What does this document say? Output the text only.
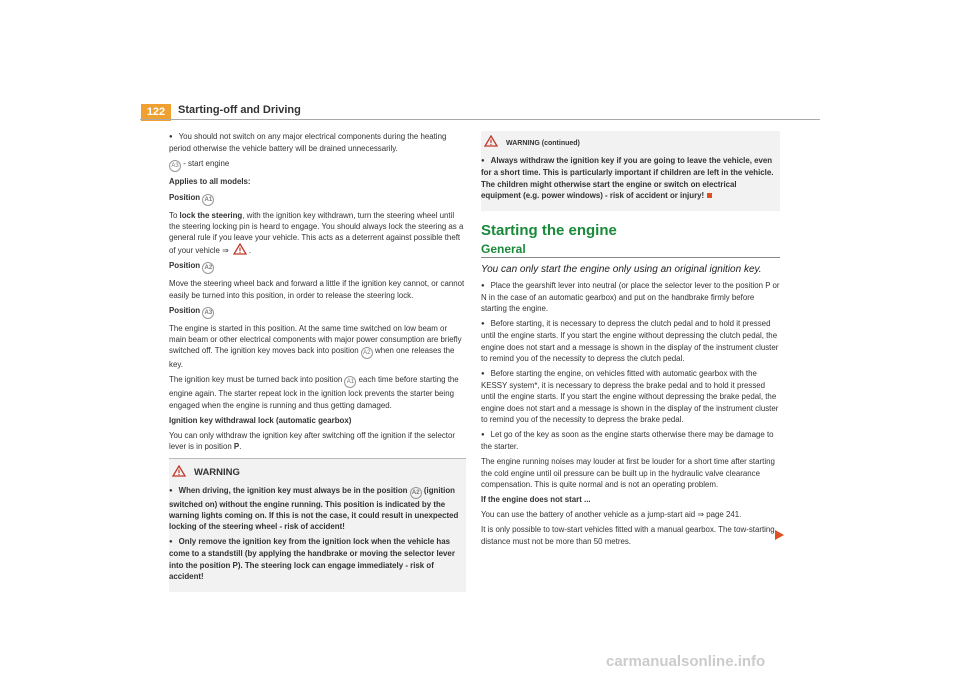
122	Starting-off and Driving

● You should not switch on any major electrical components during the heating period otherwise the vehicle battery will be drained unnecessarily.

A3 - start engine

Applies to all models:

Position A1

To lock the steering, with the ignition key withdrawn, turn the steering wheel until the steering locking pin is heard to engage. You should always lock the steering as a general rule if you leave your vehicle. This acts as a deterrent against possible theft of your vehicle ⇒	.

Position A2

Move the steering wheel back and forward a little if the ignition key cannot, or cannot easily be turned into this position, in order to release the steering lock.

Position A3

The engine is started in this position. At the same time switched on low beam or main beam or other electrical components with major power consumption are briefly switched off. The ignition key moves back into position A2 when one releases the key.

The ignition key must be turned back into position A1 each time before starting the engine again. The starter repeat lock in the ignition lock prevents the starter being engaged when the engine is running and thus getting damaged.

Ignition key withdrawal lock (automatic gearbox)

You can only withdraw the ignition key after switching off the ignition if the selector lever is in position P.

WARNING

● When driving, the ignition key must always be in the position A2 (ignition switched on) without the engine running. This position is indicated by the warning lights coming on. If this is not the case, it could result in unexpected locking of the steering wheel - risk of accident!

● Only remove the ignition key from the ignition lock when the vehicle has come to a standstill (by applying the handbrake or moving the selector lever into the position P). The steering lock can engage immediately - risk of accident!

WARNING (continued)

● Always withdraw the ignition key if you are going to leave the vehicle, even for a short time. This is particularly important if children are left in the vehicle. The children might otherwise start the engine or switch on electrical equipment (e.g. power windows) - risk of accident or injury!

Starting the engine
General

You can only start the engine only using an original ignition key.

● Place the gearshift lever into neutral (or place the selector lever to the position P or N in the case of an automatic gearbox) and put on the handbrake firmly before starting the engine.

● Before starting, it is necessary to depress the clutch pedal and to hold it pressed until the engine starts. If you start the engine without depressing the clutch pedal, the engine does not start and a message is shown in the display of the instrument cluster to remind you of the necessity to depress the clutch pedal.

● Before starting the engine, on vehicles fitted with automatic gearbox with the KESSY system*, it is necessary to depress the brake pedal and to hold it pressed until the engine starts. If you start the engine without depressing the brake pedal, the engine does not start and a message is shown in the display of the instrument cluster to remind you of the necessity to depress the brake pedal.

● Let go of the key as soon as the engine starts otherwise there may be damage to the starter.

The engine running noises may louder at first be louder for a short time after starting the cold engine until oil pressure can be built up in the hydraulic valve clearance compensation. This is quite normal and is not an operating problem.

If the engine does not start ...

You can use the battery of another vehicle as a jump-start aid ⇒ page 241.

It is only possible to tow-start vehicles fitted with a manual gearbox. The tow-starting distance must not be more than 50 metres.

carmanualsonline.info
